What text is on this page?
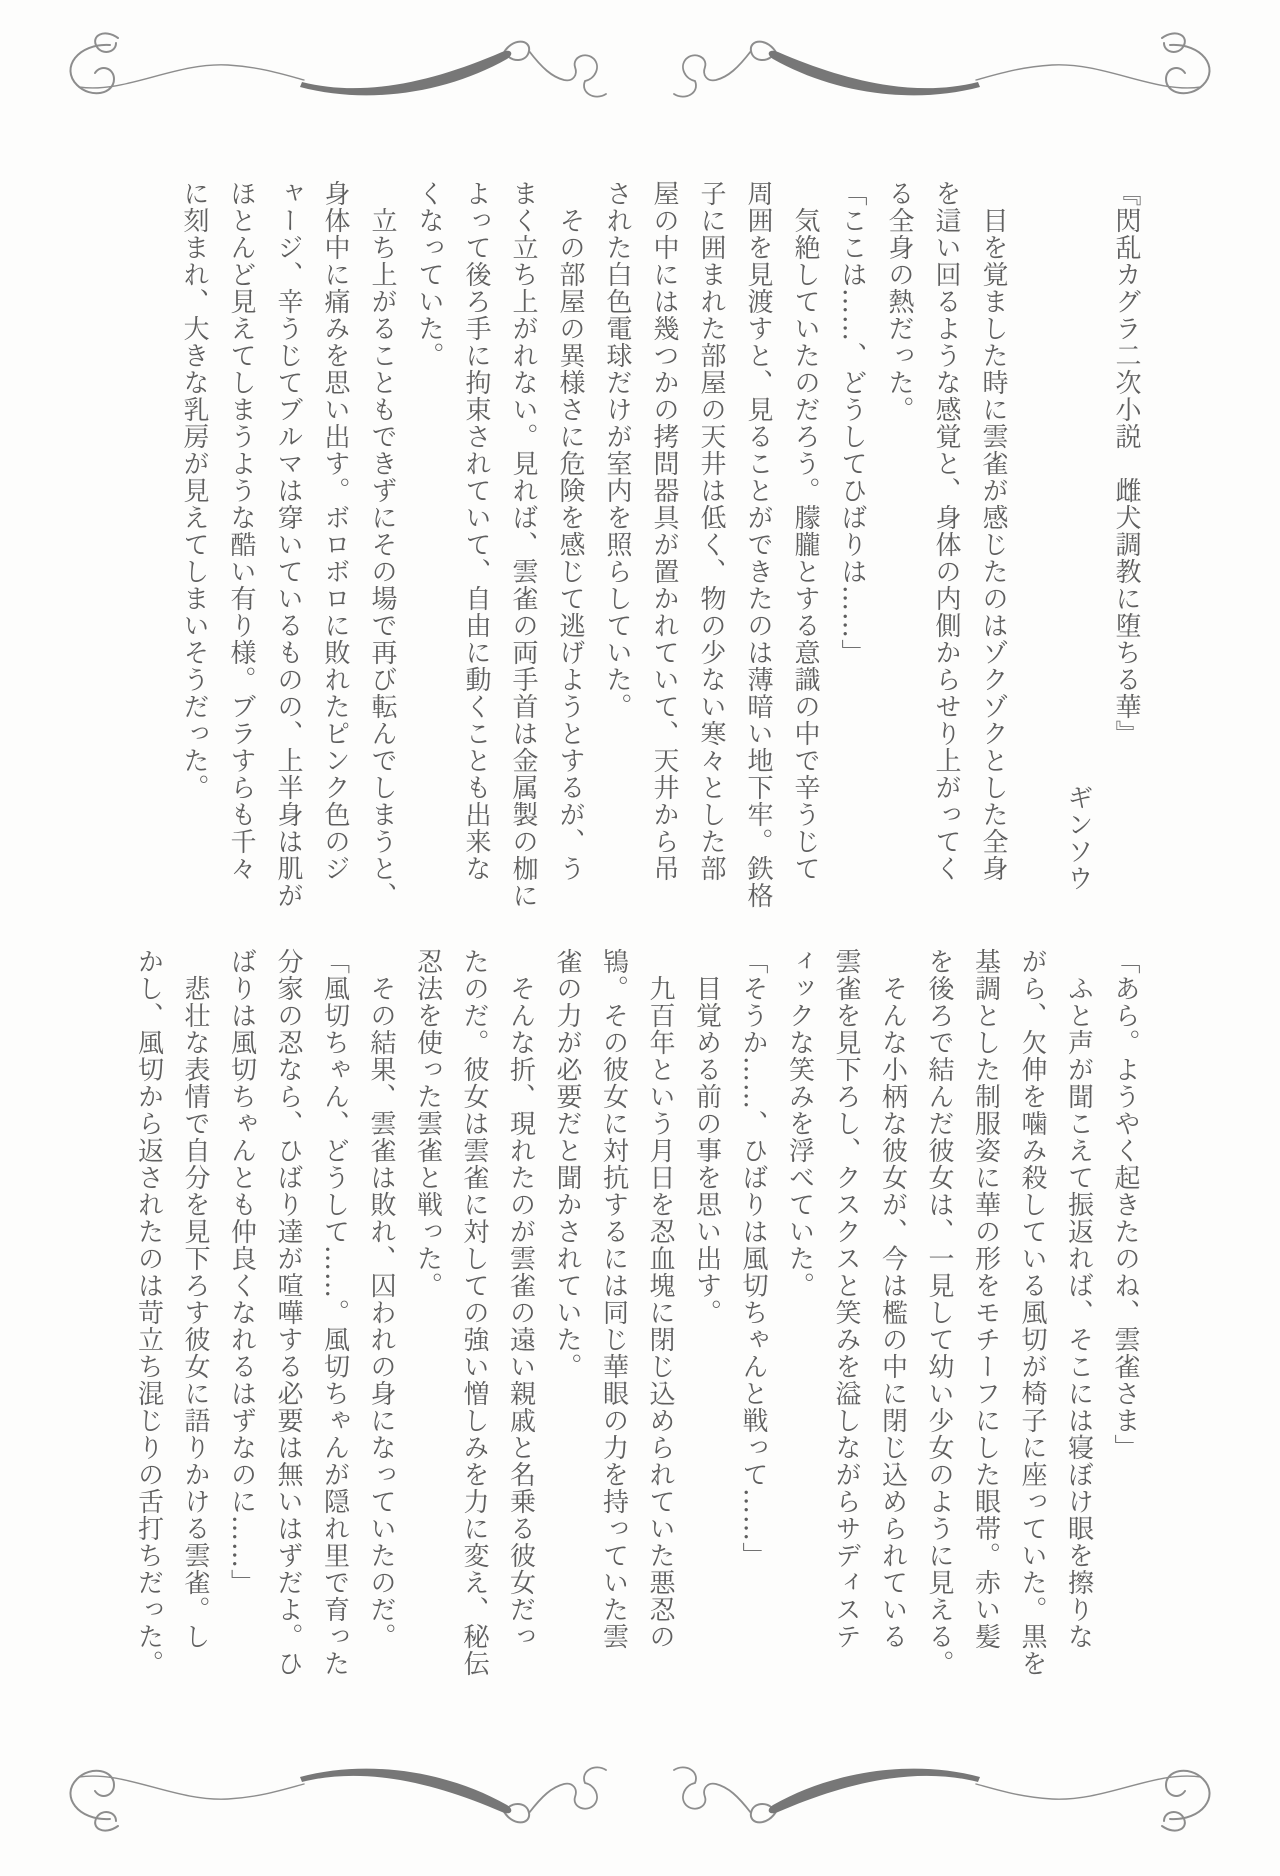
『閃乱カグラ二次小説　雌犬調教に堕ちる華』
ギンソウ
　目を覚ました時に雲雀が感じたのはゾクゾクとした全身
を這い回るような感覚と、身体の内側からせり上がってく
る全身の熱だった。
「ここは……、どうしてひばりは……」
　気絶していたのだろう。朦朧とする意識の中で辛うじて
周囲を見渡すと、見ることができたのは薄暗い地下牢。鉄格
子に囲まれた部屋の天井は低く、物の少ない寒々とした部
屋の中には幾つかの拷問器具が置かれていて、天井から吊
された白色電球だけが室内を照らしていた。
　その部屋の異様さに危険を感じて逃げようとするが、う
まく立ち上がれない。見れば、雲雀の両手首は金属製の枷に
よって後ろ手に拘束されていて、自由に動くことも出来な
くなっていた。
　立ち上がることもできずにその場で再び転んでしまうと、
身体中に痛みを思い出す。ボロボロに敗れたピンク色のジ
ャージ、辛うじてブルマは穿いているものの、上半身は肌が
ほとんど見えてしまうような酷い有り様。ブラすらも千々
に刻まれ、大きな乳房が見えてしまいそうだった。
「あら。ようやく起きたのね、雲雀さま」
　ふと声が聞こえて振返れば、そこには寝ぼけ眼を擦りな
がら、欠伸を噛み殺している風切が椅子に座っていた。黒を
基調とした制服姿に華の形をモチーフにした眼帯。赤い髪
を後ろで結んだ彼女は、一見して幼い少女のように見える。
　そんな小柄な彼女が、今は檻の中に閉じ込められている
雲雀を見下ろし、クスクスと笑みを溢しながらサディステ
ィックな笑みを浮べていた。
「そうか……、ひばりは風切ちゃんと戦って……」
　目覚める前の事を思い出す。
　九百年という月日を忍血塊に閉じ込められていた悪忍の
鴇。その彼女に対抗するには同じ華眼の力を持っていた雲
雀の力が必要だと聞かされていた。
　そんな折、現れたのが雲雀の遠い親戚と名乗る彼女だっ
たのだ。彼女は雲雀に対しての強い憎しみを力に変え、秘伝
忍法を使った雲雀と戦った。
　その結果、雲雀は敗れ、囚われの身になっていたのだ。
「風切ちゃん、どうして……。風切ちゃんが隠れ里で育った
分家の忍なら、ひばり達が喧嘩する必要は無いはずだよ。ひ
ばりは風切ちゃんとも仲良くなれるはずなのに……」
　悲壮な表情で自分を見下ろす彼女に語りかける雲雀。し
かし、風切から返されたのは苛立ち混じりの舌打ちだった。
